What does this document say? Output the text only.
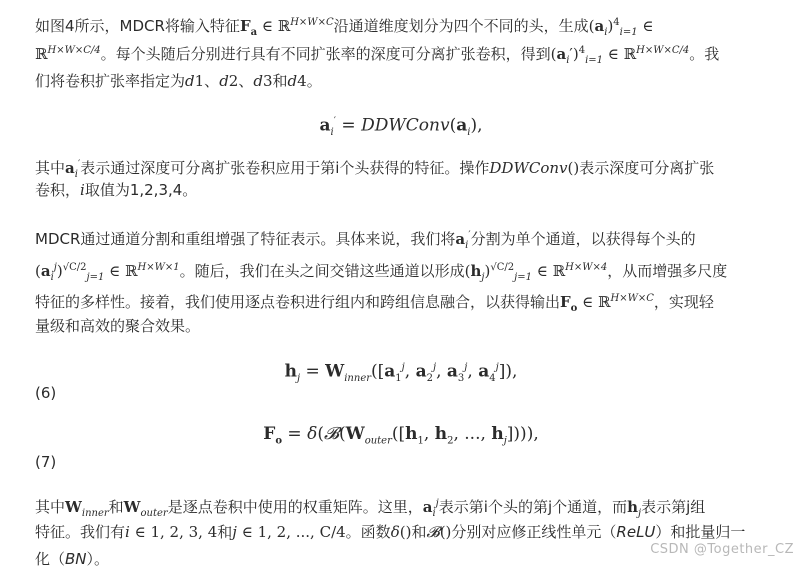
如图4所示，MDCR将输入特征$F_a$ ∈ ℝ$^{H\times W\times C}$沿通道维度划分为四个不同的头，生成$(a_i)^4_{i=1}$ ∈
ℝ$^{H\times W\times C/4}$。每个头随后分别进行具有不同扩张率的深度可分离扩张卷积，得到$(a_i')^4_{i=1}$ ∈ ℝ$^{H\times W\times C/4}$。我
们将卷积扩张率指定为d1、d2、d3和d4。
$a_i'$ = $DDWConv(a_i)$,
其中$a_i'$表示通过深度可分离扩张卷积应用于第i个头获得的特征。操作DDWConv()表示深度可分离扩张
卷积，i取值为1,2,3,4。
MDCR通过通道分割和重组增强了特征表示。具体来说，我们将$a_i'$分割为单个通道，以获得每个头的
$(a_i^j)^{√C/2}_{j=1}$ ∈ ℝ$^{H\times W\times 1}$。随后，我们在头之间交错这些通道以形成$(h_j)^{√C/2}_{j=1}$ ∈ ℝ$^{H\times W\times 4}$，从而增强多尺度
特征的多样性。接着，我们使用逐点卷积进行组内和跨组信息融合，以获得输出$F_o$ ∈ ℝ$^{H\times W\times C}$，实现轻
量级和高效的聚合效果。
$h_j = W_{inner}([a_1^j$, $a_2^j$, $a_3^j$, $a_4^j$]),
(6)
$F_o$ = $\delta(𝓑(W_{outer}([h_1$, $h_2$, ..., $h_j$]))),
(7)
其中$W_{inner}$和$W_{outer}$是逐点卷积中使用的权重矩阵。这里，$a_i^j$表示第i个头的第j个通道，而$h_j$表示第j组
特征。我们有i ∈ 1, 2, 3, 4和j ∈ 1, 2, ..., C/4。函数δ()和𝓑()分别对应修正线性单元（ReLU）和批量归一
化（BN）。
CSDN @Together_CZ
